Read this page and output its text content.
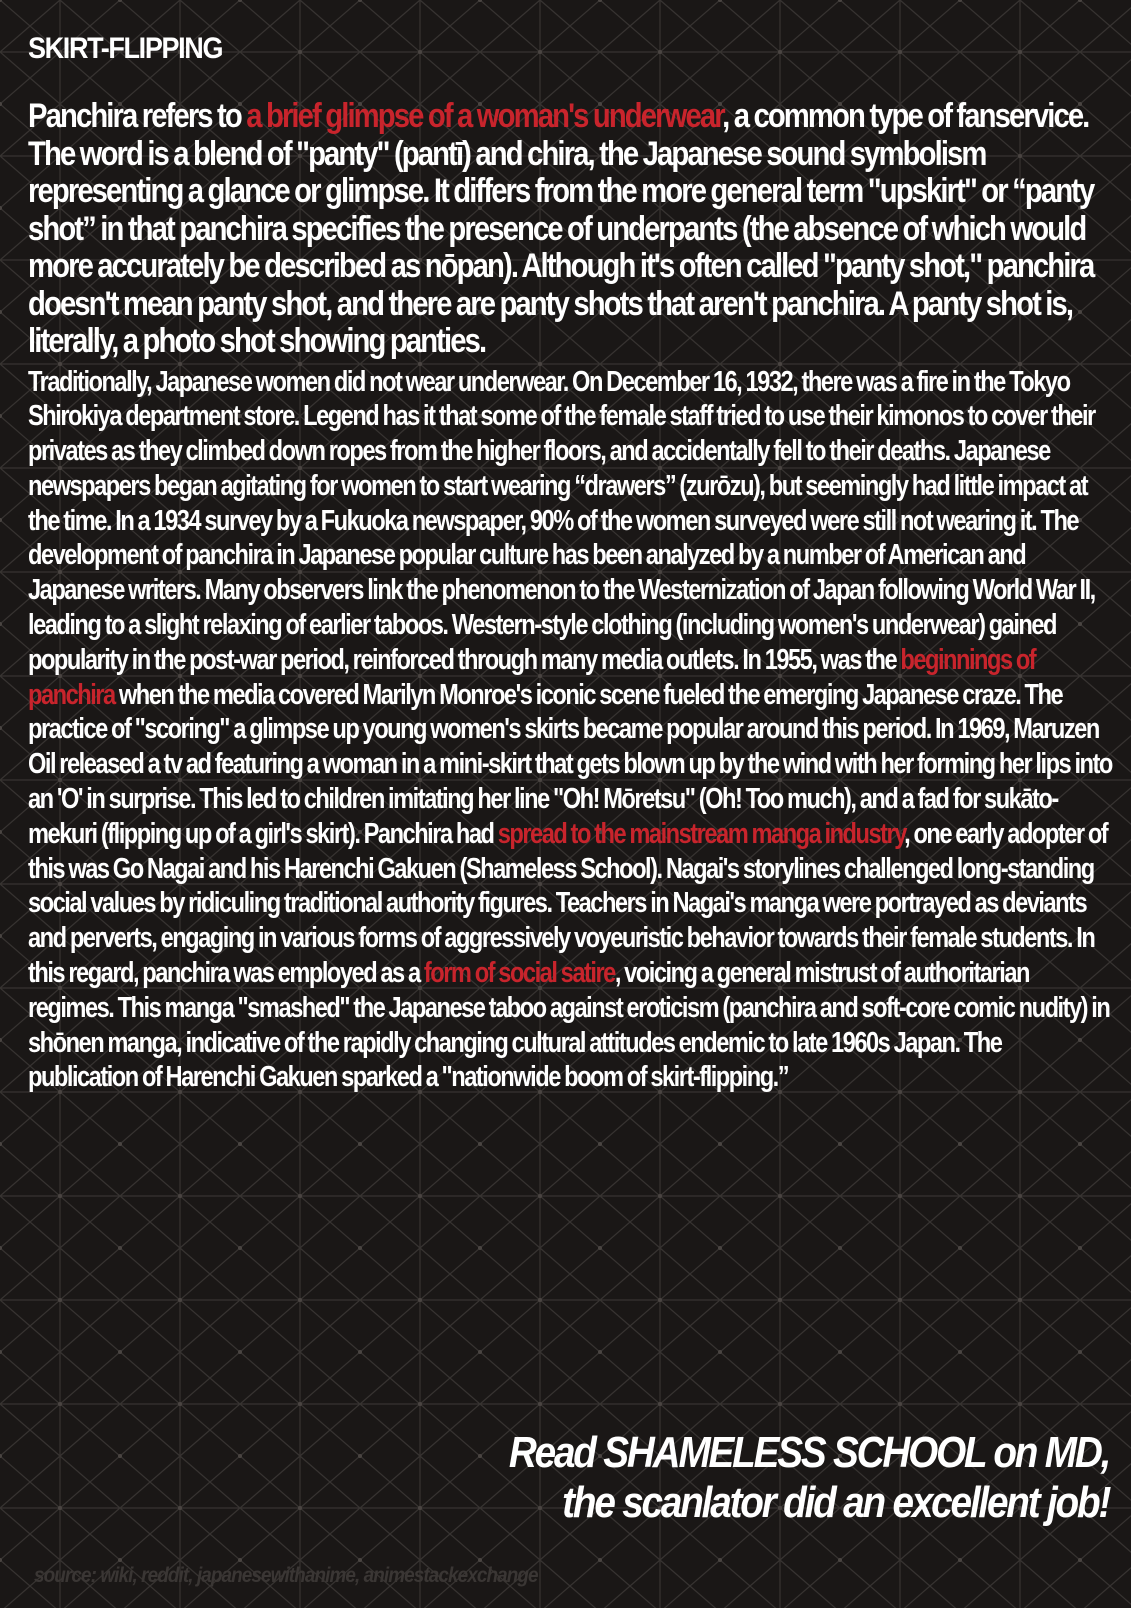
SKIRT-FLIPPING

Panchira refers to a brief glimpse of a woman's underwear, a common type of fanservice. The word is a blend of "panty" (pantī) and chira, the Japanese sound symbolism representing a glance or glimpse. It differs from the more general term "upskirt" or “panty shot” in that panchira specifies the presence of underpants (the absence of which would more accurately be described as nōpan). Although it's often called "panty shot," panchira doesn't mean panty shot, and there are panty shots that aren't panchira. A panty shot is, literally, a photo shot showing panties.

Traditionally, Japanese women did not wear underwear. On December 16, 1932, there was a fire in the Tokyo Shirokiya department store. Legend has it that some of the female staff tried to use their kimonos to cover their privates as they climbed down ropes from the higher floors, and accidentally fell to their deaths. Japanese newspapers began agitating for women to start wearing “drawers” (zurōzu), but seemingly had little impact at the time. In a 1934 survey by a Fukuoka newspaper, 90% of the women surveyed were still not wearing it. The development of panchira in Japanese popular culture has been analyzed by a number of American and Japanese writers. Many observers link the phenomenon to the Westernization of Japan following World War II, leading to a slight relaxing of earlier taboos. Western-style clothing (including women's underwear) gained popularity in the post-war period, reinforced through many media outlets. In 1955, was the beginnings of panchira when the media covered Marilyn Monroe's iconic scene fueled the emerging Japanese craze. The practice of "scoring" a glimpse up young women's skirts became popular around this period. In 1969, Maruzen Oil released a tv ad featuring a woman in a mini-skirt that gets blown up by the wind with her forming her lips into an 'O' in surprise. This led to children imitating her line "Oh! Mōretsu" (Oh! Too much), and a fad for sukāto-mekuri (flipping up of a girl's skirt). Panchira had spread to the mainstream manga industry, one early adopter of this was Go Nagai and his Harenchi Gakuen (Shameless School). Nagai's storylines challenged long-standing social values by ridiculing traditional authority figures. Teachers in Nagai's manga were portrayed as deviants and perverts, engaging in various forms of aggressively voyeuristic behavior towards their female students. In this regard, panchira was employed as a form of social satire, voicing a general mistrust of authoritarian regimes. This manga "smashed" the Japanese taboo against eroticism (panchira and soft-core comic nudity) in shōnen manga, indicative of the rapidly changing cultural attitudes endemic to late 1960s Japan. The publication of Harenchi Gakuen sparked a "nationwide boom of skirt-flipping.”

Read SHAMELESS SCHOOL on MD,
the scanlator did an excellent job!
source: wiki, reddit, japanesewithanime, animestackexchange
